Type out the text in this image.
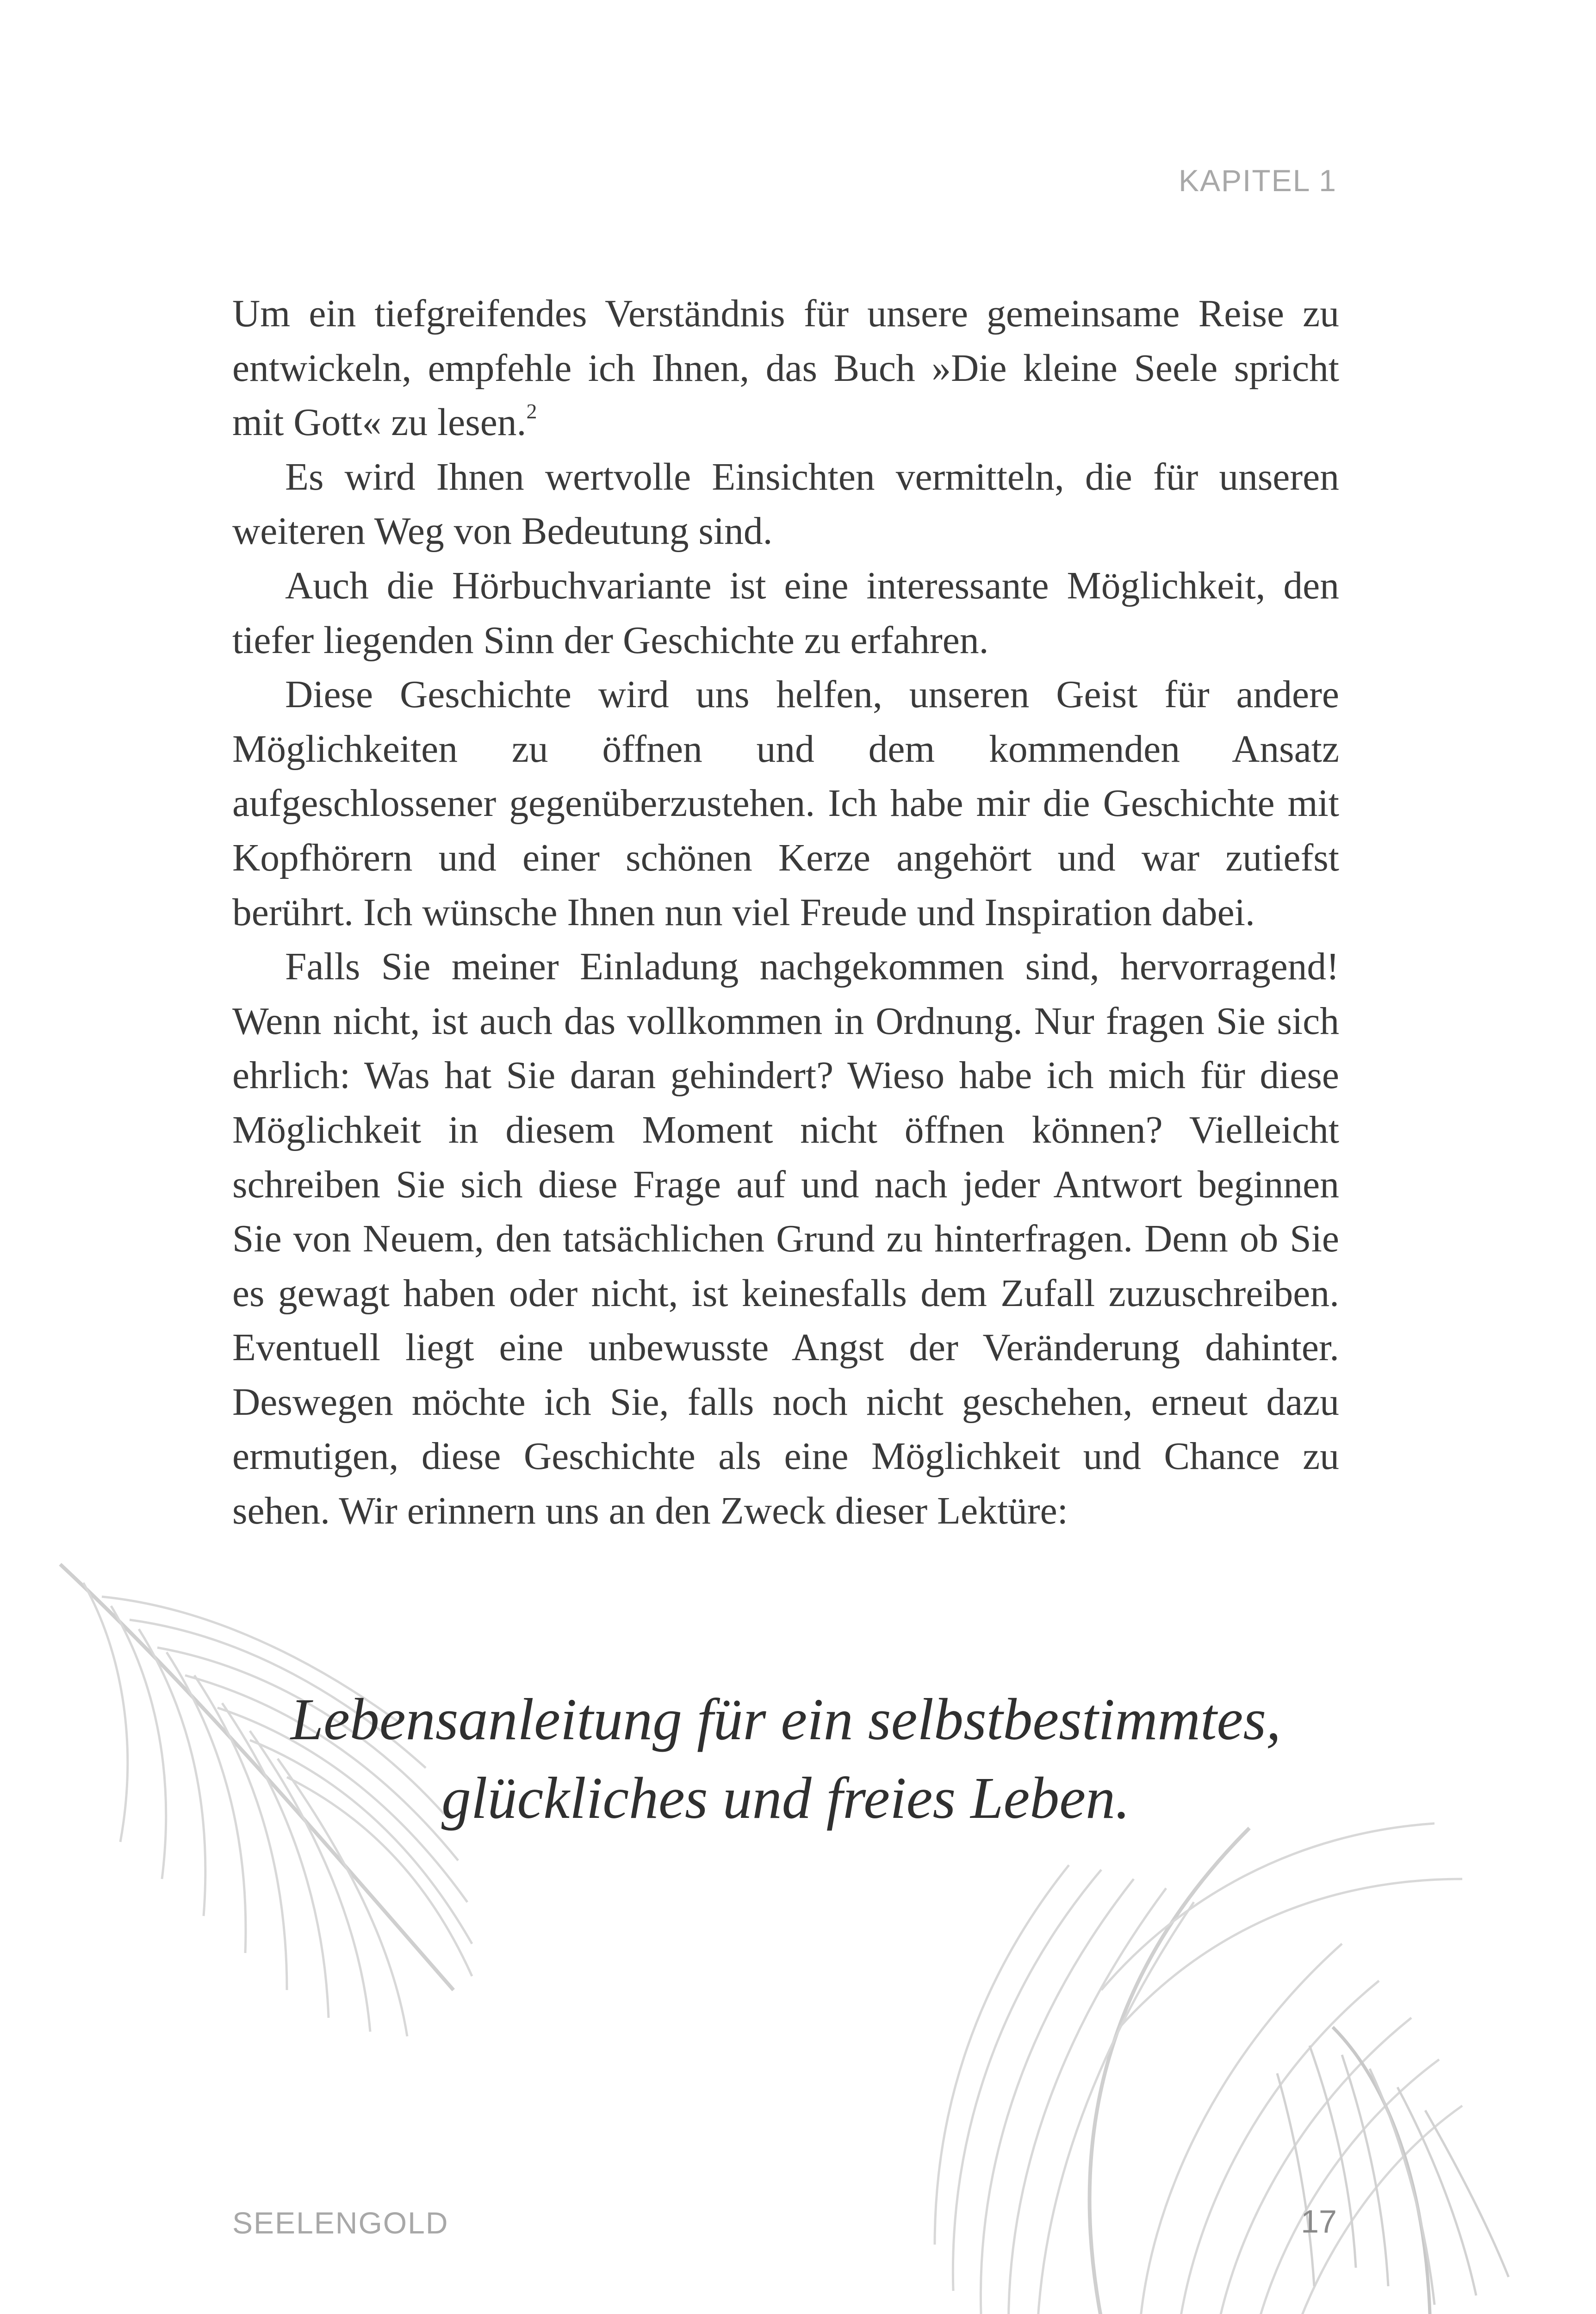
KAPITEL 1

Um ein tiefgreifendes Verständnis für unsere gemeinsame Reise zu entwickeln, empfehle ich Ihnen, das Buch »Die kleine Seele spricht mit Gott« zu lesen.$^2$

Es wird Ihnen wertvolle Einsichten vermitteln, die für unseren weiteren Weg von Bedeutung sind.

Auch die Hörbuchvariante ist eine interessante Möglichkeit, den tiefer liegenden Sinn der Geschichte zu erfahren.

Diese Geschichte wird uns helfen, unseren Geist für andere Möglichkeiten zu öffnen und dem kommenden Ansatz aufgeschlossener gegenüberzustehen. Ich habe mir die Geschichte mit Kopfhörern und einer schönen Kerze angehört und war zutiefst berührt. Ich wünsche Ihnen nun viel Freude und Inspiration dabei.

Falls Sie meiner Einladung nachgekommen sind, hervorragend! Wenn nicht, ist auch das vollkommen in Ordnung. Nur fragen Sie sich ehrlich: Was hat Sie daran gehindert? Wieso habe ich mich für diese Möglichkeit in diesem Moment nicht öffnen können? Vielleicht schreiben Sie sich diese Frage auf und nach jeder Antwort beginnen Sie von Neuem, den tatsächlichen Grund zu hinterfragen. Denn ob Sie es gewagt haben oder nicht, ist keinesfalls dem Zufall zuzuschreiben. Eventuell liegt eine unbewusste Angst der Veränderung dahinter. Deswegen möchte ich Sie, falls noch nicht geschehen, erneut dazu ermutigen, diese Geschichte als eine Möglichkeit und Chance zu sehen. Wir erinnern uns an den Zweck dieser Lektüre:

Lebensanleitung für ein selbstbestimmtes,
glückliches und freies Leben.
SEELENGOLD	17
